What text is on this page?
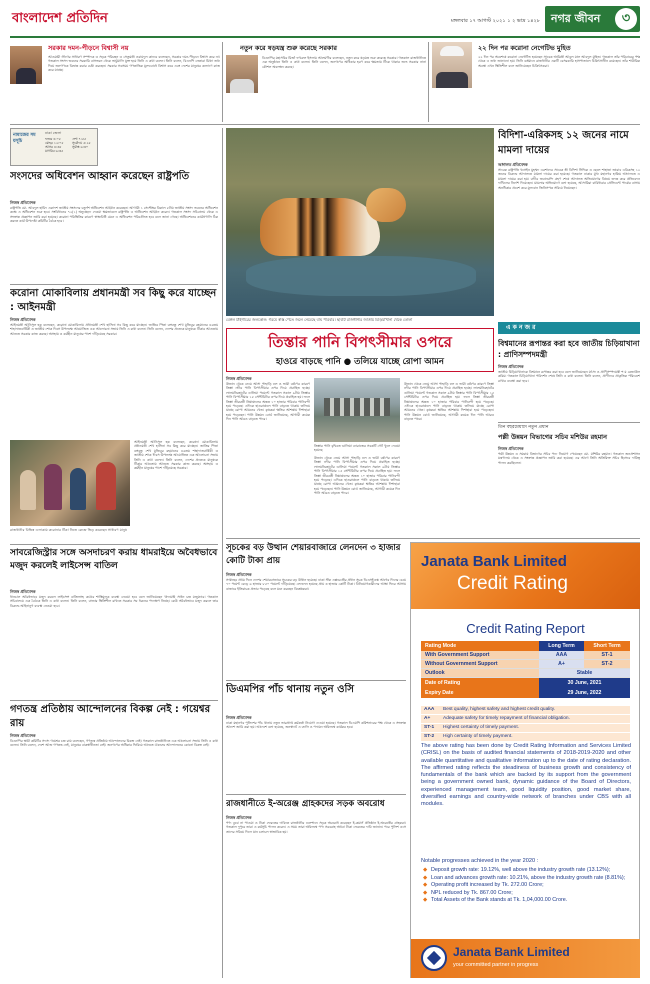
বাংলাদেশ প্রতিদিন	মঙ্গলবার ১৭ আগস্ট ২০২১ ১ ২ ভাদ্র ১৪২৮ নগর জীবন	৩
সরকার দমন-পীড়নে বিশ্বাসী নয়
আওয়ামী লীগের সাধারণ সম্পাদক ও সড়ক পরিবহন ও সেতুমন্ত্রী ওবায়দুল কাদের বলেছেন, সরকার দমন-পীড়নে বিশ্বাস করে না। গতকাল সংসদ ভবনের সরকারি বাসভবন থেকে ভার্চুয়ালি যুক্ত হয়ে তিনি এ কথা বলেন। তিনি বলেন, বিএনপি নেতারা মিথ্যা তথ্য দিয়ে জনগণকে বিভ্রান্ত করার চেষ্টা করছেন। সরকার সবসময় গণতান্ত্রিক মূল্যবোধে বিশ্বাস করে এবং দেশের মানুষের কল্যাণে কাজ করে যাচ্ছে।
নতুন করে ষড়যন্ত্র শুরু করেছে সরকার
বিএনপির মহাসচিব মির্জা ফখরুল ইসলাম আলমগীর বলেছেন, নতুন করে ষড়যন্ত্র শুরু করেছে সরকার। গতকাল রাজধানীতে এক অনুষ্ঠানে তিনি এ কথা বলেন। তিনি বলেন, জনগণের অধিকার হরণ করে ক্ষমতায় টিকে থাকার জন্য সরকার নানা কৌশল অবলম্বন করছে।
২২ দিন পর করোনা নেগেটিভ মুহিত
২২ দিন পর অবশেষে করোনা নেগেটিভ হয়েছেন সাবেক অর্থমন্ত্রী আবুল মাল আবদুল মুহিত। গতকাল তাঁর পরিবারের পক্ষ থেকে এ তথ্য জানানো হয়। তিনি বর্তমানে রাজধানীর একটি বেসরকারি হাসপাতালে চিকিৎসাধীন রয়েছেন। তাঁর শারীরিক অবস্থা এখন স্থিতিশীল বলে জানিয়েছেন চিকিৎসকরা।
নামাজের সময়সূচি
ঢাকা জেলা
ফজর ৪:০৫
যোহর ১২:০৫
আসর ৪:৩৫
মাগরিব ৬:৩৫
এশা ৭:৫৫
সূর্যোদয় ৫:২৫
সূর্যাস্ত ৬:৩০
সংসদের অধিবেশন আহ্বান করেছেন রাষ্ট্রপতি
নিজস্ব প্রতিবেদক
রাষ্ট্রপতি মো. আবদুল হামিদ একাদশ জাতীয় সংসদের চতুর্দশ অধিবেশন আহ্বান করেছেন। আগামী ১ সেপ্টেম্বর বিকাল ৫টায় জাতীয় সংসদ ভবনের অধিবেশন কক্ষে এ অধিবেশন শুরু হবে। সংবিধানের ৭২(১) অনুচ্ছেদে দেওয়া ক্ষমতাবলে রাষ্ট্রপতি এ অধিবেশন আহ্বান করেন। গতকাল সংসদ সচিবালয় থেকে এ সংক্রান্ত প্রজ্ঞাপন জারি করা হয়েছে। করোনা পরিস্থিতির কারণে স্বাস্থ্যবিধি মেনে এ অধিবেশন পরিচালিত হবে বলে জানা গেছে। অধিবেশনের কার্যপ্রণালি ঠিক করতে কার্য উপদেষ্টা কমিটির বৈঠক হবে।
করোনা মোকাবিলায় প্রধানমন্ত্রী সব কিছু করে যাচ্ছেন : আইনমন্ত্রী
নিজস্ব প্রতিবেদক
আইনমন্ত্রী আনিসুল হক বলেছেন, করোনা মোকাবিলায় প্রধানমন্ত্রী শেখ হাসিনা সব কিছু করে যাচ্ছেন। জাতির পিতা বঙ্গবন্ধু শেখ মুজিবুর রহমানের ৪৬তম শাহাদাতবার্ষিকী ও জাতীয় শোক দিবস উপলক্ষে আয়োজিত এক আলোচনা সভায় তিনি এ কথা বলেন। তিনি বলেন, দেশের প্রত্যেক মানুষকে টিকার আওতায় আনতে সরকার কাজ করছে। অসহায় ও কর্মহীন মানুষের পাশে দাঁড়িয়েছে সরকার।
রাজধানীর বিভিন্ন এলাকায় করোনার টিকা নিতে কেন্দ্রে ভিড় করেছেন সাধারণ মানুষ
আইনমন্ত্রী আনিসুল হক বলেছেন, করোনা মোকাবিলায় প্রধানমন্ত্রী শেখ হাসিনা সব কিছু করে যাচ্ছেন। জাতির পিতা বঙ্গবন্ধু শেখ মুজিবুর রহমানের ৪৬তম শাহাদাতবার্ষিকী ও জাতীয় শোক দিবস উপলক্ষে আয়োজিত এক আলোচনা সভায় তিনি এ কথা বলেন। তিনি বলেন, দেশের প্রত্যেক মানুষকে টিকার আওতায় আনতে সরকার কাজ করছে। অসহায় ও কর্মহীন মানুষের পাশে দাঁড়িয়েছে সরকার।
সাবরেজিস্ট্রার সঙ্গে অসদাচরণ করায় ধামরাইয়ে অবৈধভাবে মজুদ করলেই লাইসেন্স বাতিল
নিজস্ব প্রতিবেদক
ধানচাল অবৈধভাবে মজুদ করলে লাইসেন্স বাতিলসহ কঠোর শাস্তিমূলক ব্যবস্থা নেওয়া হবে বলে জানিয়েছেন খাদ্যমন্ত্রী সাধন চন্দ্র মজুমদার। গতকাল সচিবালয়ে এক বৈঠকে তিনি এ কথা বলেন। তিনি বলেন, বাজার স্থিতিশীল রাখতে সরকার সব ধরনের পদক্ষেপ নিচ্ছে। কেউ অবৈধভাবে মজুদ করলে তার বিরুদ্ধে আইনানুগ ব্যবস্থা নেওয়া হবে।
গণতন্ত্র প্রতিষ্ঠায় আন্দোলনের বিকল্প নেই : গয়েশ্বর রায়
নিজস্ব প্রতিবেদক
বিএনপির স্থায়ী কমিটির সদস্য গয়েশ্বর চন্দ্র রায় বলেছেন, গণতন্ত্র প্রতিষ্ঠায় আন্দোলনের বিকল্প নেই। গতকাল রাজধানীতে এক আলোচনা সভায় তিনি এ কথা বলেন। তিনি বলেন, দেশে আজ গণতন্ত্র নেই, মানুষের বাকস্বাধীনতা নেই। জনগণের অধিকার ফিরিয়ে আনতে ঐক্যবদ্ধ আন্দোলনের কোনো বিকল্প নেই।
বিদিশা-এরিকসহ ১২ জনের নামে মামলা দায়ের
আদালত প্রতিবেদক
সাবেক রাষ্ট্রপতি হুসেইন মুহম্মদ এরশাদের সাবেক স্ত্রী বিদিশা সিদ্দিক ও ছেলে শাহাতা জারাব এরিকসহ ১২ জনের বিরুদ্ধে আদালতে মামলা দায়ের করা হয়েছে। গতকাল ঢাকার মুখ্য মহানগর হাকিম আদালতে এ মামলা দায়ের করা হয়। বাদীর জবানবন্দি গ্রহণ শেষে আদালত অভিযোগের বিষয়ে তদন্ত করে প্রতিবেদন দাখিলের নির্দেশ দিয়েছেন। মামলার অভিযোগে বলা হয়েছে, আসামিরা বারিধারার প্রেসিডেন্ট পার্কের বাসায় অনধিকার প্রবেশ করে মূল্যবান জিনিসপত্র সরিয়ে নিয়েছেন।
বেঙ্গল টাইগারের জলকেলি: গরমে স্বস্তি পেতে জলে নেমেছে বাঘ পরিবার। ছবিটি রাজধানীর জাতীয় চিড়িয়াখানা থেকে তোলা
তিস্তার পানি বিপৎসীমার ওপরে
হাওরে বাড়ছে পানি ● তলিয়ে যাচ্ছে রোপা আমন
এ ক ন জ র
বিশ্বমানের রূপান্তর করা হবে জাতীয় চিড়িয়াখানা : প্রাণিসম্পদমন্ত্রী
নিজস্ব প্রতিবেদক
জাতীয় চিড়িয়াখানাকে বিশ্বমানে রূপান্তর করা হবে বলে জানিয়েছেন মৎস্য ও প্রাণিসম্পদমন্ত্রী শ ম রেজাউল করিম। গতকাল চিড়িয়াখানা পরিদর্শন শেষে তিনি এ কথা বলেন। তিনি বলেন, প্রাণীদের প্রাকৃতিক পরিবেশে রাখার ব্যবস্থা করা হবে।
তিন বছরমেয়াদে নতুন প্রধান
পল্লী উন্নয়ন বিভাগের সচিব মশিউর রহমান
নিজস্ব প্রতিবেদক
পল্লী উন্নয়ন ও সমবায় বিভাগের সচিব পদে নিয়োগ পেয়েছেন মো. মশিউর রহমান। গতকাল জনপ্রশাসন মন্ত্রণালয় থেকে এ সংক্রান্ত প্রজ্ঞাপন জারি করা হয়েছে। এর আগে তিনি অতিরিক্ত সচিব হিসেবে দায়িত্ব পালন করছিলেন।
নিজস্ব প্রতিবেদক
উজান থেকে নেমে আসা পাহাড়ি ঢল ও ভারী বর্ষণের কারণে তিস্তা নদীর পানি বিপৎসীমার ওপর দিয়ে প্রবাহিত হচ্ছে। লালমনিরহাটের ডালিয়া পয়েন্টে গতকাল সকাল ৯টায় তিস্তার পানি বিপৎসীমার ১৫ সেন্টিমিটার ওপর দিয়ে প্রবাহিত হয়। ফলে তিস্তা তীরবর্তী নিম্নাঞ্চলের অন্তত ১০ হাজার পরিবার পানিবন্দী হয়ে পড়েছে। এদিকে হাওরাঞ্চলে পানি বাড়তে থাকায় তলিয়ে যাচ্ছে রোপা আমনের খেত। কৃষকরা ক্ষতির আশঙ্কায় দিশাহারা হয়ে পড়েছেন। পানি উন্নয়ন বোর্ড জানিয়েছে, আগামী কয়েক দিন পানি আরও বাড়তে পারে।
তিস্তার পানি বৃদ্ধিতে ডালিয়া ব্যারাজের সবকটি গেট খুলে দেওয়া হয়েছে
উজান থেকে নেমে আসা পাহাড়ি ঢল ও ভারী বর্ষণের কারণে তিস্তা নদীর পানি বিপৎসীমার ওপর দিয়ে প্রবাহিত হচ্ছে। লালমনিরহাটের ডালিয়া পয়েন্টে গতকাল সকাল ৯টায় তিস্তার পানি বিপৎসীমার ১৫ সেন্টিমিটার ওপর দিয়ে প্রবাহিত হয়। ফলে তিস্তা তীরবর্তী নিম্নাঞ্চলের অন্তত ১০ হাজার পরিবার পানিবন্দী হয়ে পড়েছে। এদিকে হাওরাঞ্চলে পানি বাড়তে থাকায় তলিয়ে যাচ্ছে রোপা আমনের খেত। কৃষকরা ক্ষতির আশঙ্কায় দিশাহারা হয়ে পড়েছেন। পানি উন্নয়ন বোর্ড জানিয়েছে, আগামী কয়েক দিন পানি আরও বাড়তে পারে।
উজান থেকে নেমে আসা পাহাড়ি ঢল ও ভারী বর্ষণের কারণে তিস্তা নদীর পানি বিপৎসীমার ওপর দিয়ে প্রবাহিত হচ্ছে। লালমনিরহাটের ডালিয়া পয়েন্টে গতকাল সকাল ৯টায় তিস্তার পানি বিপৎসীমার ১৫ সেন্টিমিটার ওপর দিয়ে প্রবাহিত হয়। ফলে তিস্তা তীরবর্তী নিম্নাঞ্চলের অন্তত ১০ হাজার পরিবার পানিবন্দী হয়ে পড়েছে। এদিকে হাওরাঞ্চলে পানি বাড়তে থাকায় তলিয়ে যাচ্ছে রোপা আমনের খেত। কৃষকরা ক্ষতির আশঙ্কায় দিশাহারা হয়ে পড়েছেন। পানি উন্নয়ন বোর্ড জানিয়েছে, আগামী কয়েক দিন পানি আরও বাড়তে পারে।
সূচকের বড় উত্থান শেয়ারবাজারে লেনদেন ৩ হাজার কোটি টাকা প্রায়
নিজস্ব প্রতিবেদক
সপ্তাহের প্রথম দিনে দেশের শেয়ারবাজারে সূচকের বড় উত্থান হয়েছে। ঢাকা স্টক এক্সচেঞ্জের প্রধান সূচক ডিএসইএক্স আগের দিনের চেয়ে ৭০ পয়েন্ট বেড়ে ৬ হাজার ৮৫০ পয়েন্টে দাঁড়িয়েছে। লেনদেন হয়েছে প্রায় ৩ হাজার কোটি টাকা। বিনিয়োগকারীদের আস্থা ফিরে আসায় বাজারে ইতিবাচক প্রভাব পড়েছে বলে মনে করছেন বিশ্লেষকরা।
ডিএমপির পাঁচ থানায় নতুন ওসি
নিজস্ব প্রতিবেদক
ঢাকা মহানগর পুলিশের পাঁচ থানায় নতুন ভারপ্রাপ্ত কর্মকর্তা নিয়োগ দেওয়া হয়েছে। গতকাল ডিএমপি কমিশনারের পক্ষ থেকে এ সংক্রান্ত আদেশ জারি করা হয়। আদেশে বলা হয়েছে, জনস্বার্থে এ বদলি ও পদায়ন অবিলম্বে কার্যকর হবে।
রাজধানীতে ই-অরেঞ্জ গ্রাহকদের সড়ক অবরোধ
নিজস্ব প্রতিবেদক
পণ্য বুঝে না পাওয়া ও টাকা ফেরতের দাবিতে রাজধানীর গুলশানে সড়ক অবরোধ করেছেন ই-কমার্স প্রতিষ্ঠান ই-অরেঞ্জের গ্রাহকরা। গতকাল দুপুরে তারা এ কর্মসূচি পালন করেন। এ সময় তারা অবিলম্বে পণ্য সরবরাহ অথবা টাকা ফেরতের দাবি জানান। পরে পুলিশ এসে তাদের সরিয়ে দিলে যান চলাচল স্বাভাবিক হয়।
Janata Bank Limited
Credit Rating
Credit Rating Report
Rating Mode	Long Term	Short Term
With Government Support	AAA	ST-1
Without Government Support	A+	ST-2
Outlook	Stable
Date of Rating	30 June, 2021
Expiry Date	29 June, 2022
AAA	Best quality, highest safety and highest credit quality.
A+	Adequate safety for timely repayment of financial obligation.
ST-1	Highest certainty of timely payment.
ST-2	High certainty of timely payment.
The above rating has been done by Credit Rating Information and Services Limited (CRISL) on the basis of audited financial statements of 2018-2019-2020 and other available quantitative and qualitative information up to the date of rating declaration. The affirmed rating reflects the steadiness of business growth and consistency of fundamentals of the bank which are backed by its support from the government being a government owned bank, dynamic guidance of the Board of Directors, experienced management team, good liquidity position, good market share, diversified earnings and country-wide network of branches under CBS with all modules.
Notable progresses achieved in the year 2020 :
◆ Deposit growth rate: 19.12%, well above the industry growth rate (13.12%);
◆ Loan and advances growth rate: 10.21%, above the industry growth rate (8.81%);
◆ Operating profit increased by Tk. 272.00 Crore;
◆ NPL reduced by Tk. 867.00 Crore;
◆ Total Assets of the Bank stands at Tk. 1,04,000.00 Crore.
Janata Bank Limited
your committed partner in progress
